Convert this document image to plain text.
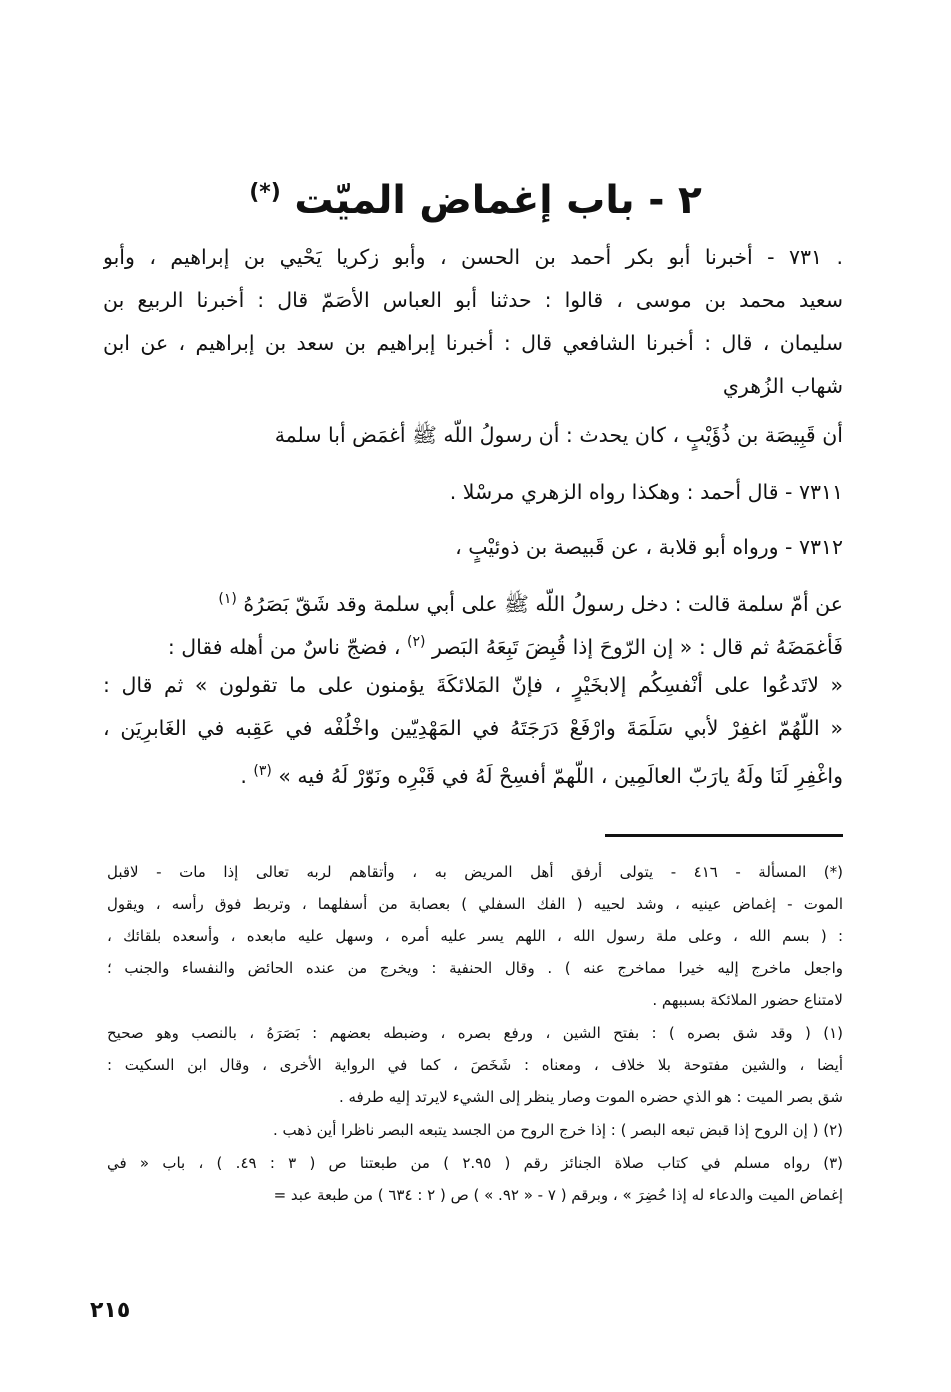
٢ - باب إغماض الميّت (*)
. ٧٣١ - أخبرنا أبو بكر أحمد بن الحسن ، وأبو زكريا يَحْيي بن إبراهيم ، وأبو
سعيد محمد بن موسى ، قالوا : حدثنا أبو العباس الأصَمّ قال : أخبرنا الربيع بن
سليمان ، قال : أخبرنا الشافعي قال : أخبرنا إبراهيم بن سعد بن إبراهيم ، عن ابن
شهاب الزُهري
أن قَبِيصَة بن ذُؤَيْبٍ ، كان يحدث : أن رسولُ اللّه ﷺ أغمَض أبا سلمة
٧٣١١ - قال أحمد : وهكذا رواه الزهري مرسْلا .
٧٣١٢ - ورواه أبو قلابة ، عن قَبيصة بن ذوئيْبٍ ،
عن أمّ سلمة قالت : دخل رسولُ اللّه ﷺ على أبي سلمة وقد شَقّ بَصَرُهُ $^{(١)}$
فَأغمَضَهُ ثم قال : « إن الرّوحَ إذا قُبِضَ تَبِعَهُ البَصر $^{(٢)}$ ، فضجّ ناسٌ من أهله فقال :
« لاتَدعُوا على أنْفسِكُم إلابخَيْرٍ ، فإنّ المَلائكَةَ يؤمنون على ما تقولون » ثم قال :
« اللّهُمّ اغفِرْ لأبي سَلَمَةَ وارْفَعْ دَرَجَتَهُ في المَهْدِيّين واخْلُفْه في عَقِبه في الغَابرِيَن ،
واغْفِرِ لَنَا ولَهُ يارَبّ العالَمِين ، اللّهمّ أفسِحْ لَهُ في قَبْرِه ونَوّرْ لَهُ فيه » $^{(٣)}$ .
(*) المسألة - ٤١٦ - يتولى أرفق أهل المريض به ، وأتقاهم لربه تعالى إذا مات - لاقبل
الموت - إغماض عينيه ، وشد لحييه ( الفك السفلي ) بعصابة من أسفلهما ، وتربط فوق رأسه ، ويقول
: ( بسم الله ، وعلى ملة رسول الله ، اللهم يسر عليه أمره ، وسهل عليه مابعده ، وأسعده بلقائك ،
واجعل ماخرج إليه خيرا مماخرج عنه ) . وقال الحنفية : ويخرج من عنده الحائض والنفساء والجنب ؛
لامتناع حضور الملائكة بسببهم .
(١) ( وقد شق بصره ) : بفتح الشين ، ورفع بصره ، وضبطه بعضهم : بَصَرَهُ ، بالنصب وهو صحيح
أيضا ، والشين مفتوحة بلا خلاف ، ومعناه : شَخَصَ ، كما في الرواية الأخرى ، وقال ابن السكيت :
شق بصر الميت : هو الذي حضره الموت وصار ينظر إلى الشيء لايرتد إليه طرفه .
(٢) ( إن الروح إذا قبض تبعه البصر ) : إذا خرج الروح من الجسد يتبعه البصر ناظرا أين ذهب .
(٣) رواه مسلم في كتاب صلاة الجنائز رقم ( ٢.٩٥ ) من طبعتنا ص ( ٣ : ٤٩. ) ، باب « في
إغماض الميت والدعاء له إذا حُضِرَ » ، وبرقم ( ٧ - « ٩٢. » ) ص ( ٢ : ٦٣٤ ) من طبعة عبد =
٢١٥
